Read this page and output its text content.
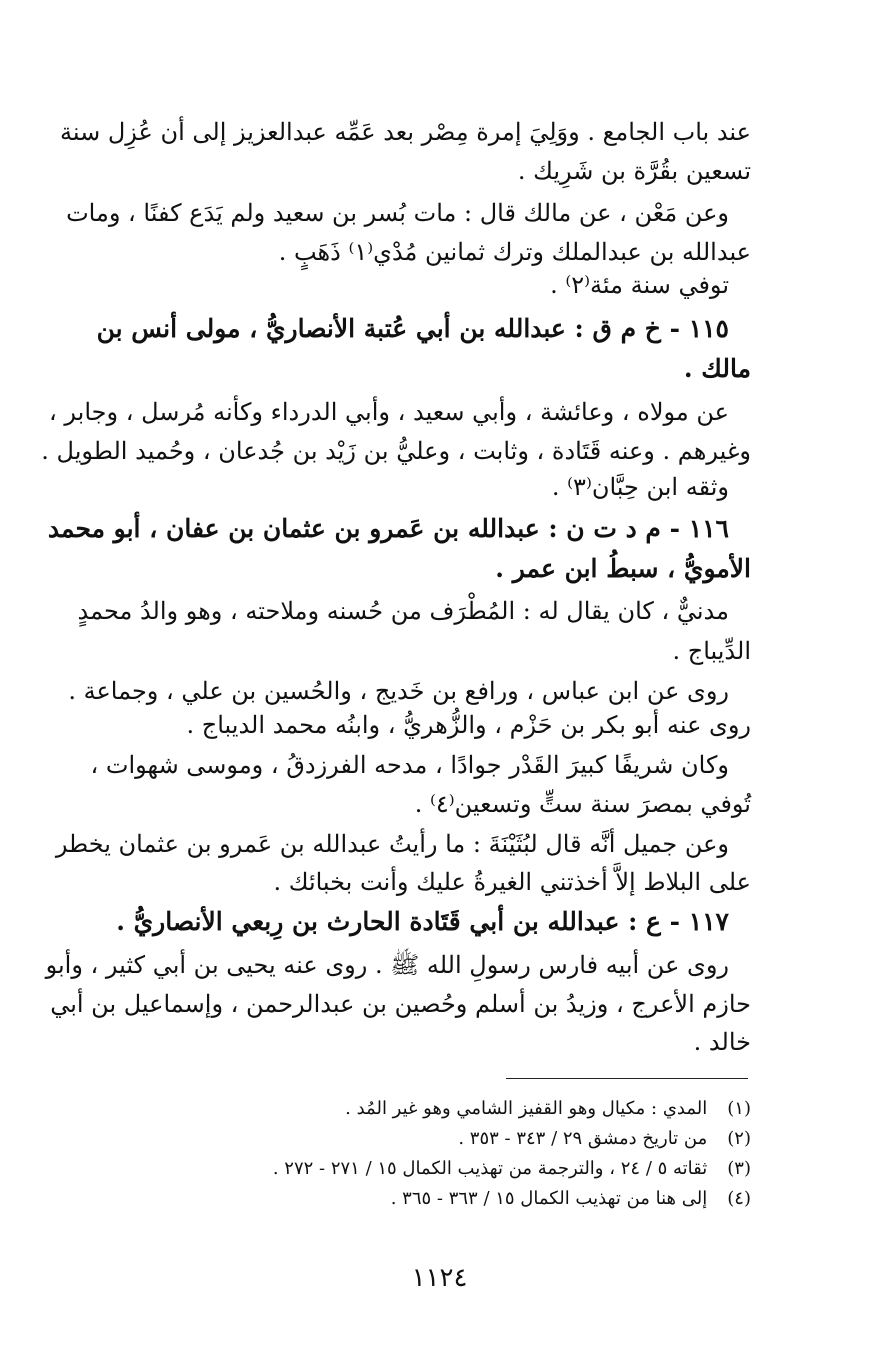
عند باب الجامع . ووَلِيَ إمرة مِصْر بعد عَمِّه عبدالعزيز إلى أن عُزِل سنة
تسعين بقُرَّة بن شَرِيك .
وعن مَعْن ، عن مالك قال : مات بُسر بن سعيد ولم يَدَع كفنًا ، ومات
عبدالله بن عبدالملك وترك ثمانين مُدْي⁽١⁾ ذَهَبٍ .
توفي سنة مئة⁽٢⁾ .
١١٥ - خ م ق : عبدالله بن أبي عُتبة الأنصاريُّ ، مولى أنس بن
مالك .
عن مولاه ، وعائشة ، وأبي سعيد ، وأبي الدرداء وكأنه مُرسل ، وجابر ،
وغيرهم . وعنه قَتَادة ، وثابت ، وعليُّ بن زَيْد بن جُدعان ، وحُميد الطويل .
وثقه ابن حِبَّان⁽٣⁾ .
١١٦ - م د ت ن : عبدالله بن عَمرو بن عثمان بن عفان ، أبو محمد
الأمويُّ ، سبطُ ابن عمر .
مدنيٌّ ، كان يقال له : المُطْرَف من حُسنه وملاحته ، وهو والدُ محمدٍ
الدِّيباج .
روى عن ابن عباس ، ورافع بن خَديج ، والحُسين بن علي ، وجماعة .
روى عنه أبو بكر بن حَزْم ، والزُّهريُّ ، وابنُه محمد الديباج .
وكان شريفًا كبيرَ القَدْر جوادًا ، مدحه الفرزدقُ ، وموسى شهوات ،
تُوفي بمصرَ سنة ستٍّ وتسعين⁽٤⁾ .
وعن جميل أنَّه قال لبُثَيْنَةَ : ما رأيتُ عبدالله بن عَمرو بن عثمان يخطر
على البلاط إلاَّ أخذتني الغيرةُ عليك وأنت بخبائك .
١١٧ - ع : عبدالله بن أبي قَتَادة الحارث بن رِبعي الأنصاريُّ .
روى عن أبيه فارس رسولِ الله ﷺ . روى عنه يحيى بن أبي كثير ، وأبو
حازم الأعرج ، وزيدُ بن أسلم وحُصين بن عبدالرحمن ، وإسماعيل بن أبي
خالد .
(١) المدي : مكيال وهو القفيز الشامي وهو غير المُد .
(٢) من تاريخ دمشق ٢٩ / ٣٤٣ - ٣٥٣ .
(٣) ثقاته ٥ / ٢٤ ، والترجمة من تهذيب الكمال ١٥ / ٢٧١ - ٢٧٢ .
(٤) إلى هنا من تهذيب الكمال ١٥ / ٣٦٣ - ٣٦٥ .
١١٢٤
